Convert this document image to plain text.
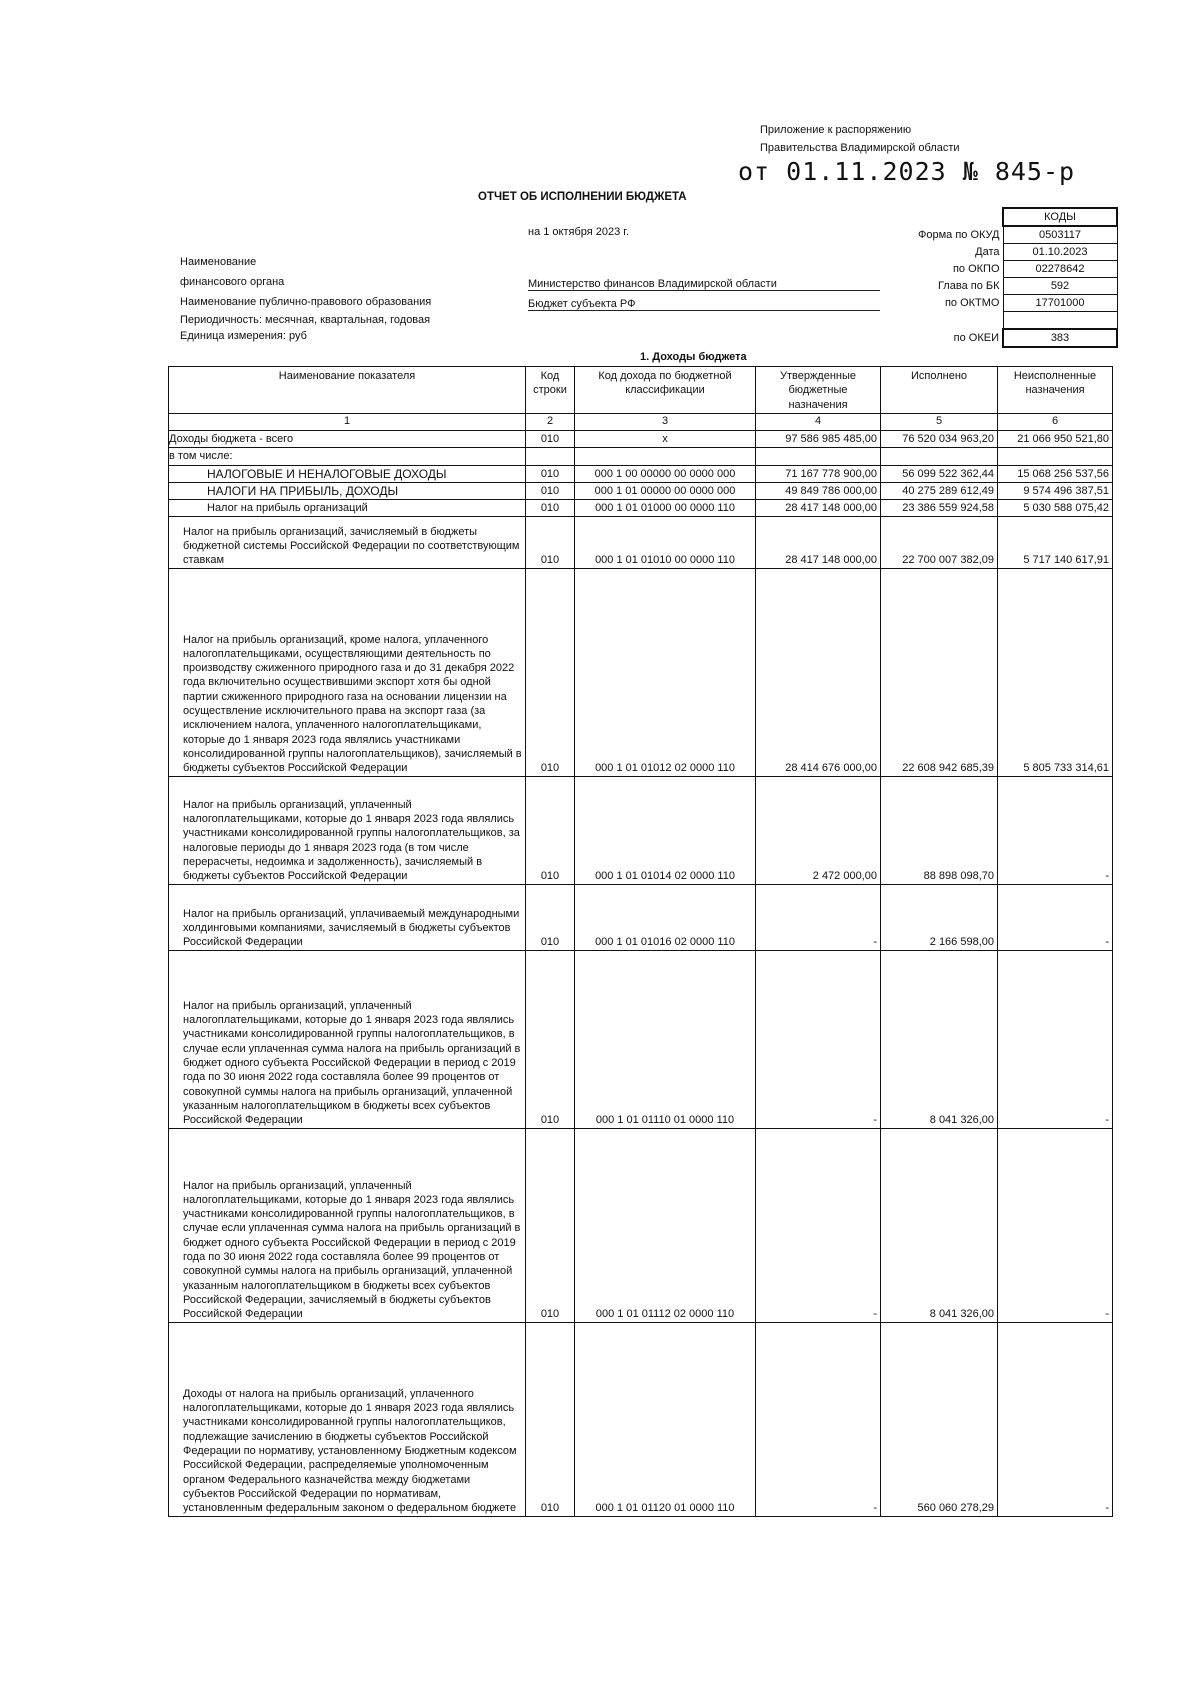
Приложение к распоряжению
Правительства Владимирской области
от 01.11.2023 № 845-р
ОТЧЕТ ОБ ИСПОЛНЕНИИ БЮДЖЕТА
на 1 октября 2023 г.
Наименование
финансового органа
Наименование публично-правового образования
Периодичность: месячная, квартальная, годовая
Единица измерения: руб
Министерство финансов Владимирской области
Бюджет субъекта РФ
	КОДЫ
Форма по ОКУД	0503117
Дата	01.10.2023
по ОКПО	02278642
Глава по БК	592
по ОКТМО	17701000

по ОКЕИ	383
1. Доходы бюджета
Наименование показателя	Код строки	Код дохода по бюджетной классификации	Утвержденные бюджетные назначения	Исполнено	Неисполненные назначения
1	2	3	4	5	6
Доходы бюджета - всего	010	x	97 586 985 485,00	76 520 034 963,20	21 066 950 521,80
в том числе:					
НАЛОГОВЫЕ И НЕНАЛОГОВЫЕ ДОХОДЫ	010	000 1 00 00000 00 0000 000	71 167 778 900,00	56 099 522 362,44	15 068 256 537,56
НАЛОГИ НА ПРИБЫЛЬ, ДОХОДЫ	010	000 1 01 00000 00 0000 000	49 849 786 000,00	40 275 289 612,49	9 574 496 387,51
Налог на прибыль организаций	010	000 1 01 01000 00 0000 110	28 417 148 000,00	23 386 559 924,58	5 030 588 075,42
Налог на прибыль организаций, зачисляемый в бюджеты бюджетной системы Российской Федерации по соответствующим ставкам	010	000 1 01 01010 00 0000 110	28 417 148 000,00	22 700 007 382,09	5 717 140 617,91
Налог на прибыль организаций, кроме налога, уплаченного налогоплательщиками, осуществляющими деятельность по производству сжиженного природного газа и до 31 декабря 2022 года включительно осуществившими экспорт хотя бы одной партии сжиженного природного газа на основании лицензии на осуществление исключительного права на экспорт газа (за исключением налога, уплаченного налогоплательщиками, которые до 1 января 2023 года являлись участниками консолидированной группы налогоплательщиков), зачисляемый в бюджеты субъектов Российской Федерации	010	000 1 01 01012 02 0000 110	28 414 676 000,00	22 608 942 685,39	5 805 733 314,61
Налог на прибыль организаций, уплаченный налогоплательщиками, которые до 1 января 2023 года являлись участниками консолидированной группы налогоплательщиков, за налоговые периоды до 1 января 2023 года (в том числе перерасчеты, недоимка и задолженность), зачисляемый в бюджеты субъектов Российской Федерации	010	000 1 01 01014 02 0000 110	2 472 000,00	88 898 098,70	-
Налог на прибыль организаций, уплачиваемый международными холдинговыми компаниями, зачисляемый в бюджеты субъектов Российской Федерации	010	000 1 01 01016 02 0000 110	-	2 166 598,00	-
Налог на прибыль организаций, уплаченный налогоплательщиками, которые до 1 января 2023 года являлись участниками консолидированной группы налогоплательщиков, в случае если уплаченная сумма налога на прибыль организаций в бюджет одного субъекта Российской Федерации в период с 2019 года по 30 июня 2022 года составляла более 99 процентов от совокупной суммы налога на прибыль организаций, уплаченной указанным налогоплательщиком в бюджеты всех субъектов Российской Федерации	010	000 1 01 01110 01 0000 110	-	8 041 326,00	-
Налог на прибыль организаций, уплаченный налогоплательщиками, которые до 1 января 2023 года являлись участниками консолидированной группы налогоплательщиков, в случае если уплаченная сумма налога на прибыль организаций в бюджет одного субъекта Российской Федерации в период с 2019 года по 30 июня 2022 года составляла более 99 процентов от совокупной суммы налога на прибыль организаций, уплаченной указанным налогоплательщиком в бюджеты всех субъектов Российской Федерации, зачисляемый в бюджеты субъектов Российской Федерации	010	000 1 01 01112 02 0000 110	-	8 041 326,00	-
Доходы от налога на прибыль организаций, уплаченного налогоплательщиками, которые до 1 января 2023 года являлись участниками консолидированной группы налогоплательщиков, подлежащие зачислению в бюджеты субъектов Российской Федерации по нормативу, установленному Бюджетным кодексом Российской Федерации, распределяемые уполномоченным органом Федерального казначейства между бюджетами субъектов Российской Федерации по нормативам, установленным федеральным законом о федеральном бюджете	010	000 1 01 01120 01 0000 110	-	560 060 278,29	-
